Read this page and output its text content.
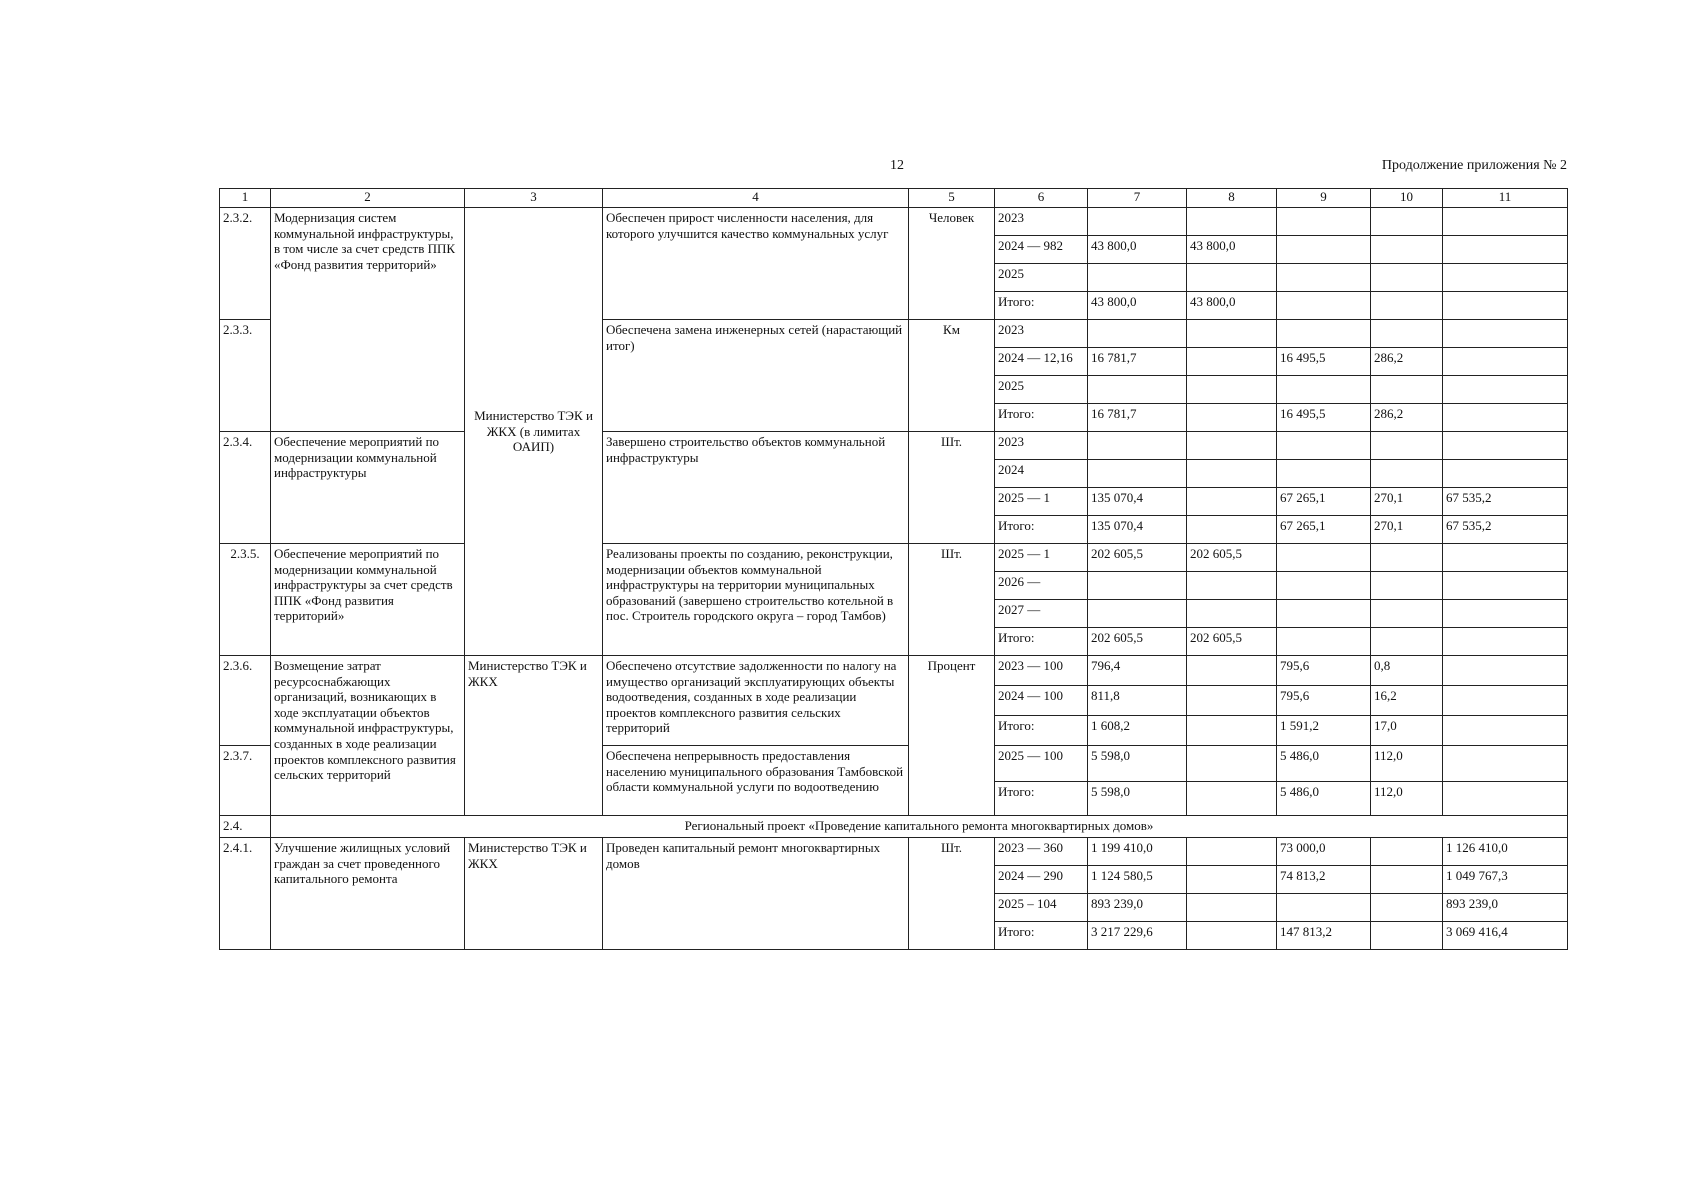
12	Продолжение приложения № 2
1	2	3	4	5	6	7	8	9	10	11
2.3.2.	Модернизация систем коммунальной инфраструктуры, в том числе за счет средств ППК «Фонд развития территорий»	Министерство ТЭК и ЖКХ (в лимитах ОАИП)	Обеспечен прирост численности населения, для которого улучшится качество коммунальных услуг	Человек	2023					
					2024 — 982	43 800,0	43 800,0			
					2025					
					Итого:	43 800,0	43 800,0			
2.3.3.			Обеспечена замена инженерных сетей (нарастающий итог)	Км	2023					
					2024 — 12,16	16 781,7		16 495,5	286,2	
					2025					
					Итого:	16 781,7		16 495,5	286,2	
2.3.4.	Обеспечение мероприятий по модернизации коммунальной инфраструктуры		Завершено строительство объектов коммунальной инфраструктуры	Шт.	2023					
					2024					
					2025 — 1	135 070,4		67 265,1	270,1	67 535,2
					Итого:	135 070,4		67 265,1	270,1	67 535,2
2.3.5.	Обеспечение мероприятий по модернизации коммунальной инфраструктуры за счет средств ППК «Фонд развития территорий»		Реализованы проекты по созданию, реконструкции, модернизации объектов коммунальной инфраструктуры на территории муниципальных образований (завершено строительство котельной в пос. Строитель городского округа – город Тамбов)	Шт.	2025 — 1	202 605,5	202 605,5			
					2026 —					
					2027 —					
					Итого:	202 605,5	202 605,5			
2.3.6.	Возмещение затрат ресурсоснабжающих организаций, возникающих в ходе эксплуатации объектов коммунальной инфраструктуры, созданных в ходе реализации проектов комплексного развития сельских территорий	Министерство ТЭК и ЖКХ	Обеспечено отсутствие задолженности по налогу на имущество организаций эксплуатирующих объекты водоотведения, созданных в ходе реализации проектов комплексного развития сельских территорий	Процент	2023 — 100	796,4		795,6	0,8	
					2024 — 100	811,8		795,6	16,2	
					Итого:	1 608,2		1 591,2	17,0	
2.3.7.			Обеспечена непрерывность предоставления населению муниципального образования Тамбовской области коммунальной услуги по водоотведению		2025 — 100	5 598,0		5 486,0	112,0	
					Итого:	5 598,0		5 486,0	112,0	
2.4.	Региональный проект «Проведение капитального ремонта многоквартирных домов»									
2.4.1.	Улучшение жилищных условий граждан за счет проведенного капитального ремонта	Министерство ТЭК и ЖКХ	Проведен капитальный ремонт многоквартирных домов	Шт.	2023 — 360	1 199 410,0		73 000,0		1 126 410,0
					2024 — 290	1 124 580,5		74 813,2		1 049 767,3
					2025 – 104	893 239,0				893 239,0
					Итого:	3 217 229,6		147 813,2		3 069 416,4
